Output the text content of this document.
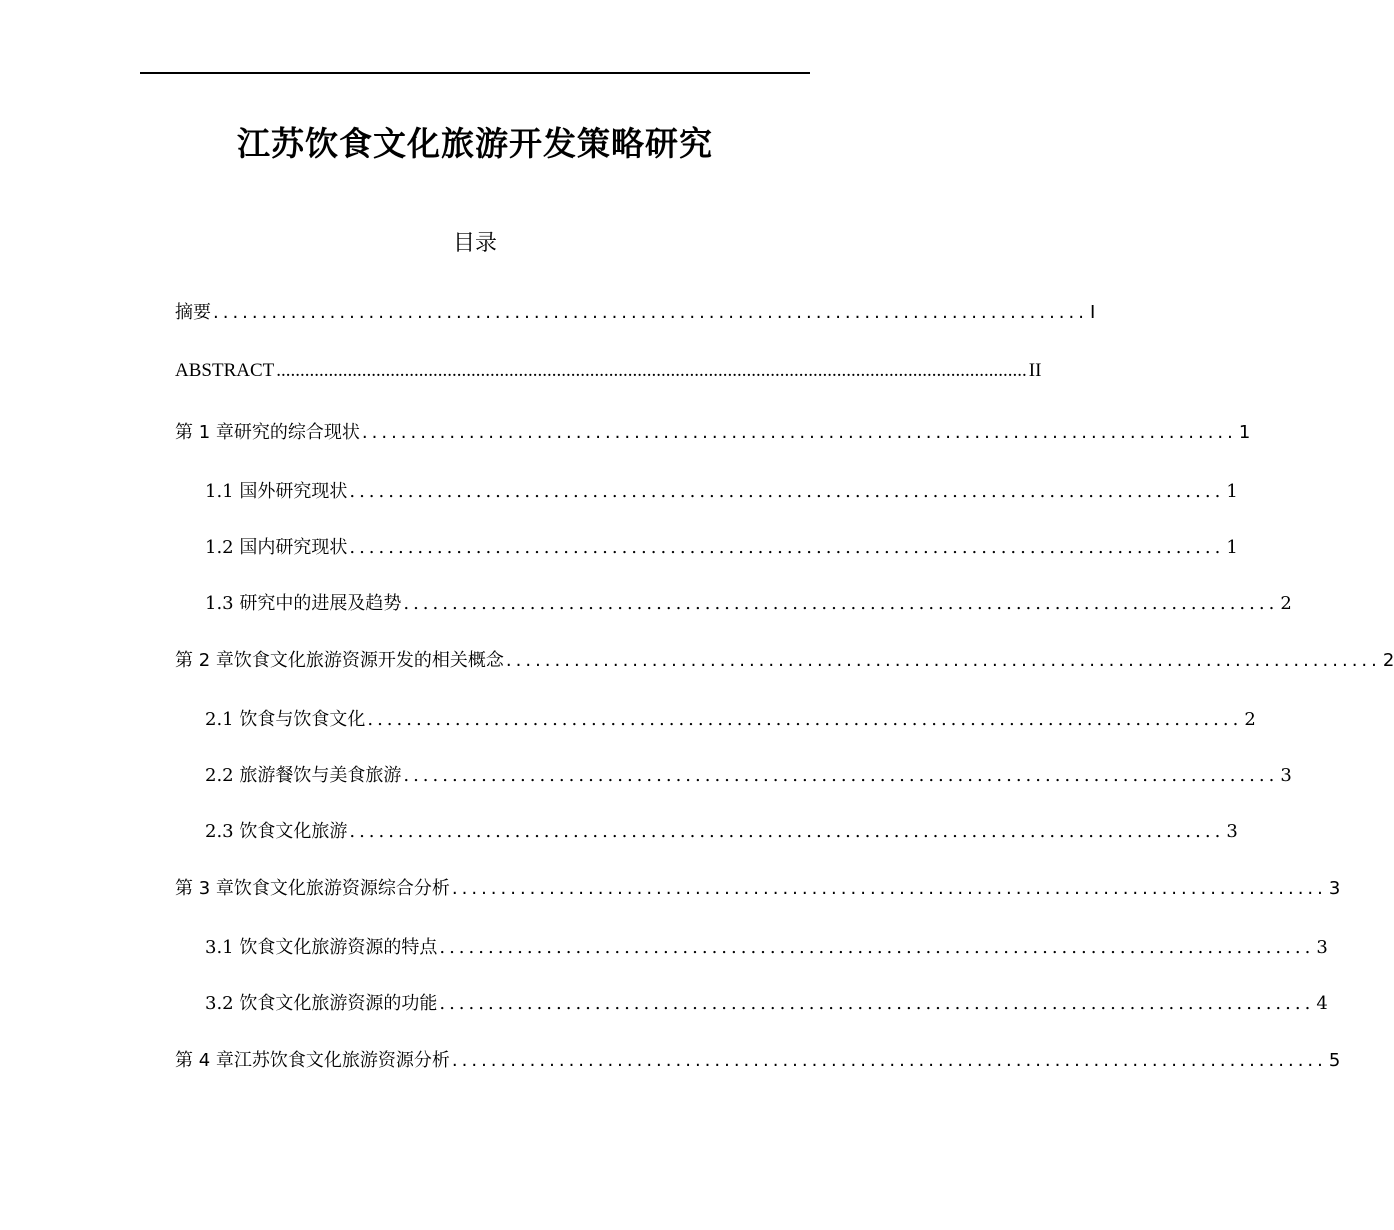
江苏饮食文化旅游开发策略研究
目录
摘要 .......................................................................................... I
ABSTRACT .............................................................................................................................................................. II
第 1 章研究的综合现状 .......................................................................................... 1
1.1 国外研究现状 .......................................................................................... 1
1.2 国内研究现状 .......................................................................................... 1
1.3 研究中的进展及趋势 .......................................................................................... 2
第 2 章饮食文化旅游资源开发的相关概念 .......................................................................................... 2
2.1 饮食与饮食文化 .......................................................................................... 2
2.2 旅游餐饮与美食旅游 .......................................................................................... 3
2.3 饮食文化旅游 .......................................................................................... 3
第 3 章饮食文化旅游资源综合分析 .......................................................................................... 3
3.1 饮食文化旅游资源的特点 .......................................................................................... 3
3.2 饮食文化旅游资源的功能 .......................................................................................... 4
第 4 章江苏饮食文化旅游资源分析 .......................................................................................... 5
